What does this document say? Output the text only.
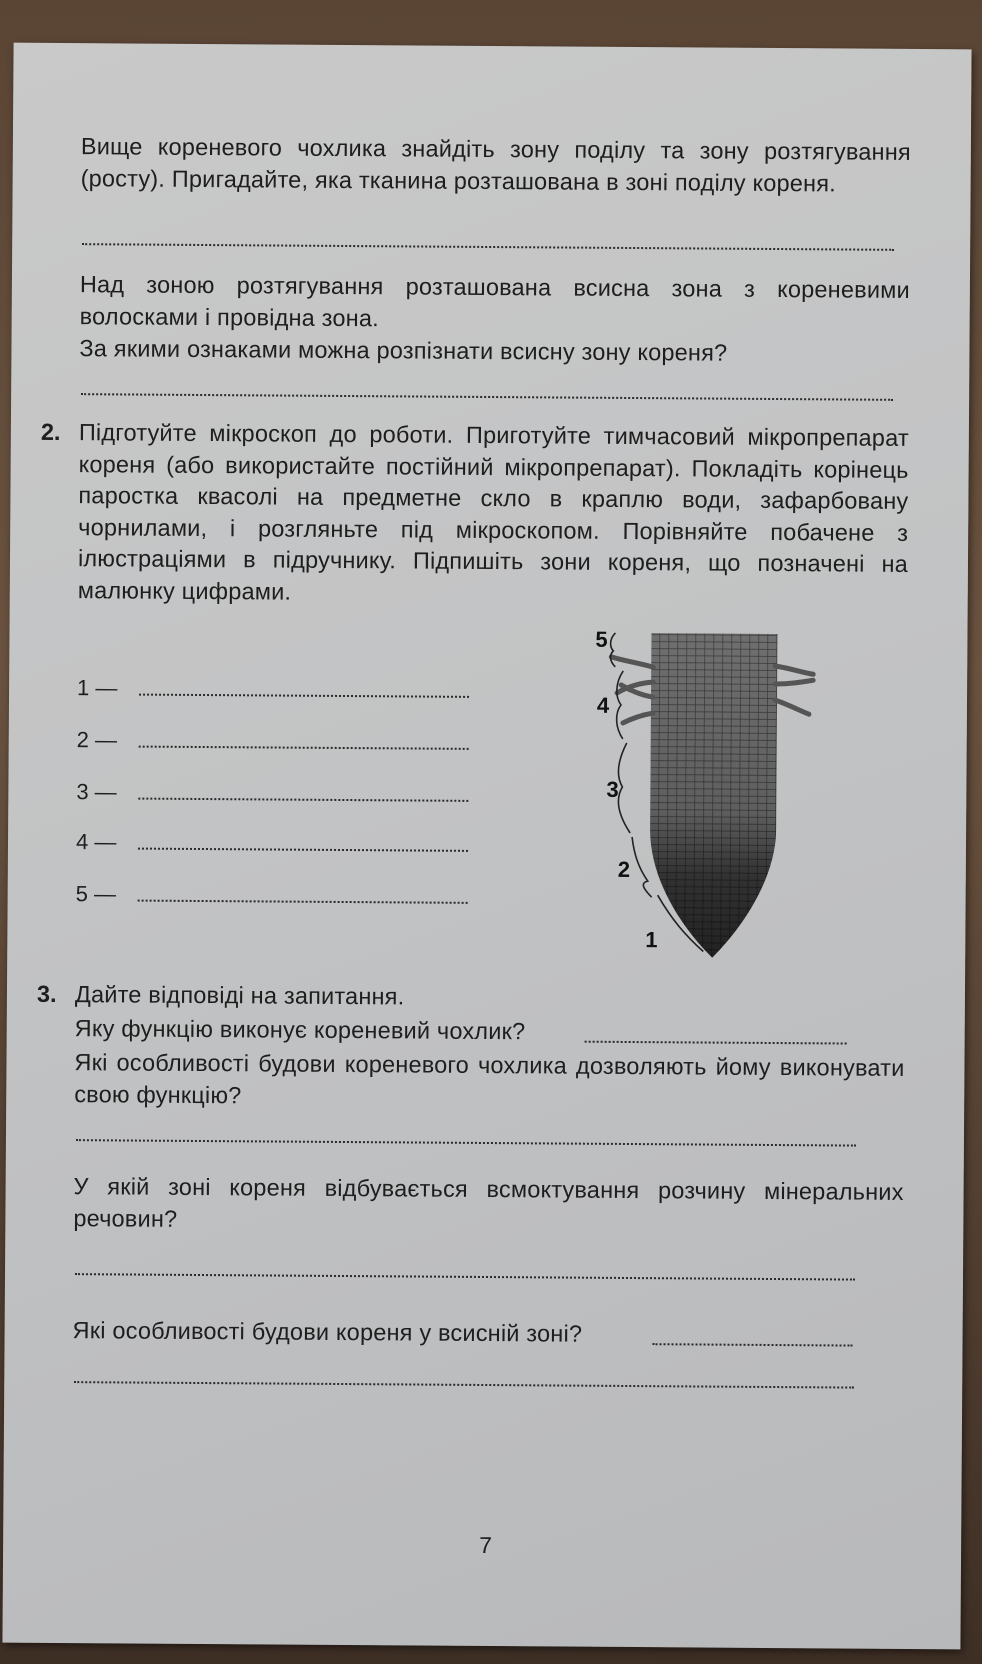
Вище кореневого чохлика знайдіть зону поділу та зону розтягування (росту). Пригадайте, яка тканина розташована в зоні поділу кореня.
Над зоною розтягування розташована всисна зона з кореневими волосками і провідна зона.
За якими ознаками можна розпізнати всисну зону кореня?
2. Підготуйте мікроскоп до роботи. Приготуйте тимчасовий мікропрепарат кореня (або використайте постійний мікропрепарат). Покладіть корінець паростка квасолі на предметне скло в краплю води, зафарбовану чорнилами, і розгляньте під мікроскопом. Порівняйте побачене з ілюстраціями в підручнику. Підпишіть зони кореня, що позначені на малюнку цифрами.
1 —
2 —
3 —
4 —
5 —
5
4
3
2
1
3. Дайте відповіді на запитання.
Яку функцію виконує кореневий чохлик?
Які особливості будови кореневого чохлика дозволяють йому виконувати свою функцію?
У якій зоні кореня відбувається всмоктування розчину мінеральних речовин?
Які особливості будови кореня у всисній зоні?
7
